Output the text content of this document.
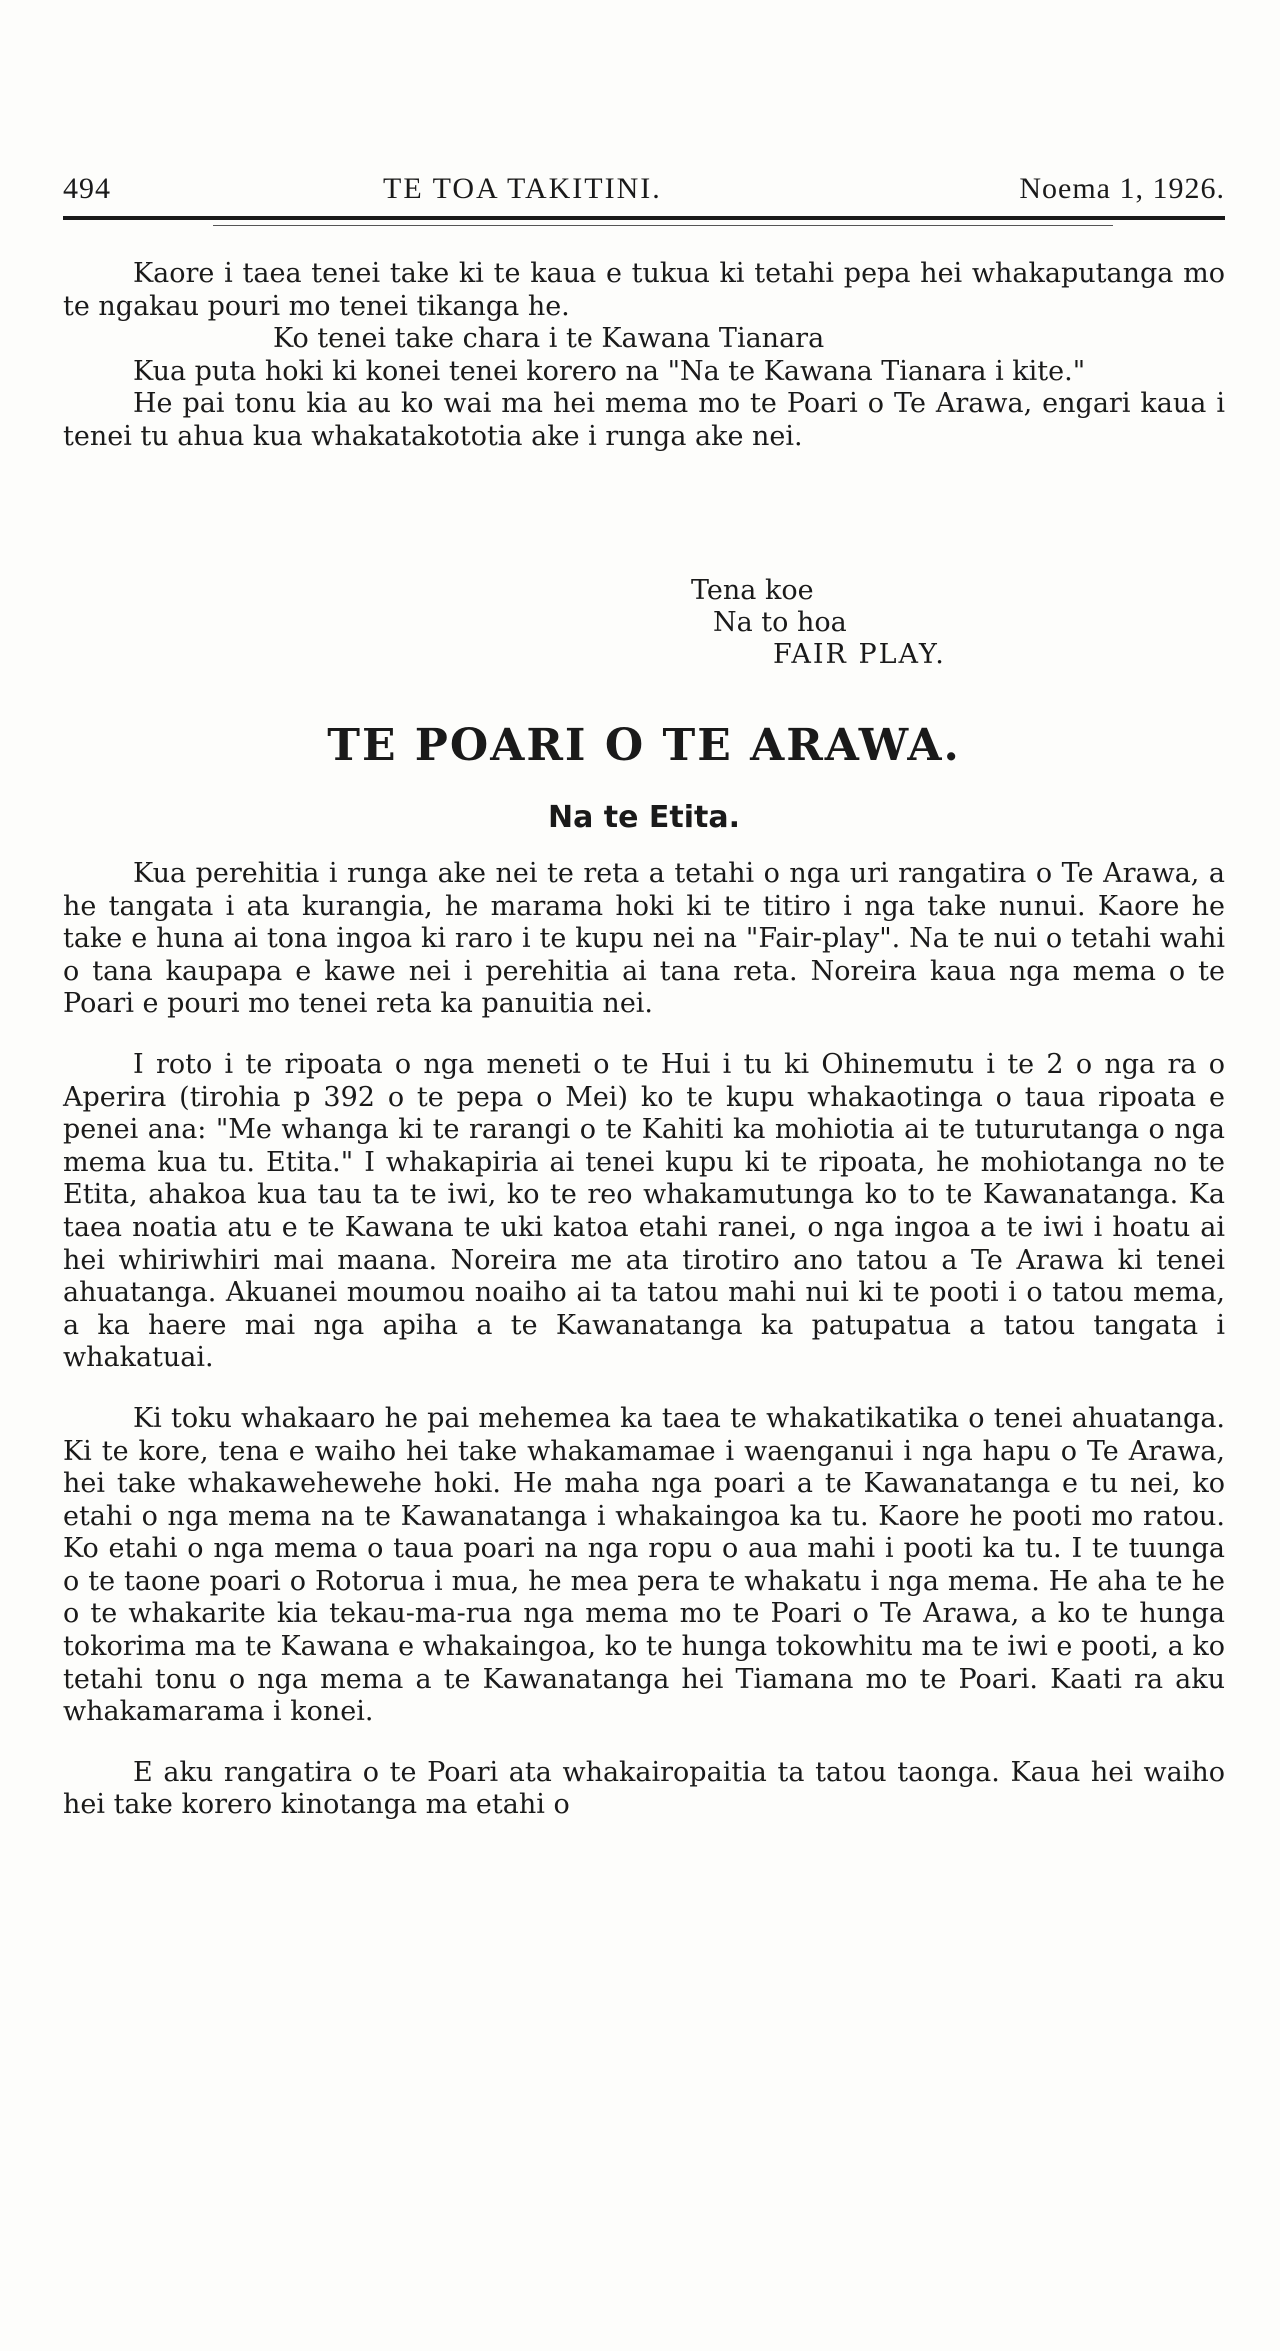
494	TE TOA TAKITINI.	Noema 1, 1926.

Kaore i taea tenei take ki te kaua e tukua ki tetahi pepa hei whakaputanga mo te ngakau pouri mo tenei tikanga he.

Ko tenei take chara i te Kawana Tianara

Kua puta hoki ki konei tenei korero na "Na te Kawana Tianara i kite."

He pai tonu kia au ko wai ma hei mema mo te Poari o Te Arawa, engari kaua i tenei tu ahua kua whakatakototia ake i runga ake nei.

Tena koe
Na to hoa
FAIR PLAY.
TE POARI O TE ARAWA.
Na te Etita.

Kua perehitia i runga ake nei te reta a tetahi o nga uri rangatira o Te Arawa, a he tangata i ata kurangia, he marama hoki ki te titiro i nga take nunui. Kaore he take e huna ai tona ingoa ki raro i te kupu nei na "Fair-play". Na te nui o tetahi wahi o tana kaupapa e kawe nei i perehitia ai tana reta. Noreira kaua nga mema o te Poari e pouri mo tenei reta ka panuitia nei.

I roto i te ripoata o nga meneti o te Hui i tu ki Ohinemutu i te 2 o nga ra o Aperira (tirohia p 392 o te pepa o Mei) ko te kupu whakaotinga o taua ripoata e penei ana: "Me whanga ki te rarangi o te Kahiti ka mohiotia ai te tuturutanga o nga mema kua tu. Etita." I whakapiria ai tenei kupu ki te ripoata, he mohiotanga no te Etita, ahakoa kua tau ta te iwi, ko te reo whakamutunga ko to te Kawanatanga. Ka taea noatia atu e te Kawana te uki katoa etahi ranei, o nga ingoa a te iwi i hoatu ai hei whiriwhiri mai maana. Noreira me ata tirotiro ano tatou a Te Arawa ki tenei ahuatanga. Akuanei moumou noaiho ai ta tatou mahi nui ki te pooti i o tatou mema, a ka haere mai nga apiha a te Kawanatanga ka patupatua a tatou tangata i whakatuai.

Ki toku whakaaro he pai mehemea ka taea te whakatikatika o tenei ahuatanga. Ki te kore, tena e waiho hei take whakamamae i waenganui i nga hapu o Te Arawa, hei take whakawehewehe hoki. He maha nga poari a te Kawanatanga e tu nei, ko etahi o nga mema na te Kawanatanga i whakaingoa ka tu. Kaore he pooti mo ratou. Ko etahi o nga mema o taua poari na nga ropu o aua mahi i pooti ka tu. I te tuunga o te taone poari o Rotorua i mua, he mea pera te whakatu i nga mema. He aha te he o te whakarite kia tekau-ma-rua nga mema mo te Poari o Te Arawa, a ko te hunga tokorima ma te Kawana e whakaingoa, ko te hunga tokowhitu ma te iwi e pooti, a ko tetahi tonu o nga mema a te Kawanatanga hei Tiamana mo te Poari. Kaati ra aku whakamarama i konei.

E aku rangatira o te Poari ata whakairopaitia ta tatou taonga. Kaua hei waiho hei take korero kinotanga ma etahi o
